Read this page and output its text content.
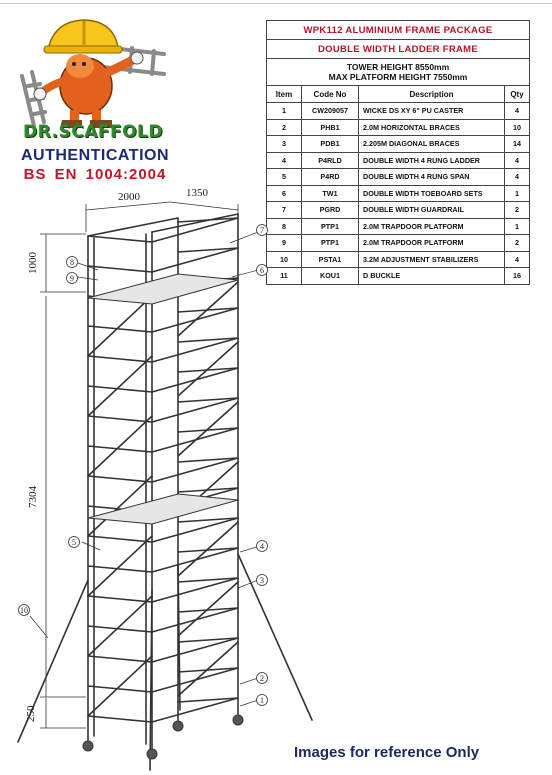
DR.SCAFFOLD
AUTHENTICATION
BS EN 1004:2004
WPK112 ALUMINIUM FRAME PACKAGE			
DOUBLE WIDTH LADDER FRAME			
TOWER HEIGHT 8550mm
MAX PLATFORM HEIGHT 7550mm			
Item	Code No	Description	Qty
1	CW209057	WICKE DS XY 6" PU CASTER	4
2	PHB1	2.0M HORIZONTAL BRACES	10
3	PDB1	2.205M DIAGONAL BRACES	14
4	P4RLD	DOUBLE WIDTH 4 RUNG LADDER	4
5	P4RD	DOUBLE WIDTH 4 RUNG SPAN	4
6	TW1	DOUBLE WIDTH TOEBOARD SETS	1
7	PGRD	DOUBLE WIDTH GUARDRAIL	2
8	PTP1	2.0M TRAPDOOR PLATFORM	1
9	PTP1	2.0M TRAPDOOR PLATFORM	2
10	PSTA1	3.2M ADJUSTMENT STABILIZERS	4
11	KOU1	D BUCKLE	16
2000	1350
1000
7304
250
7
8
9
6
5	4
3
10
2
1
Images for reference Only
